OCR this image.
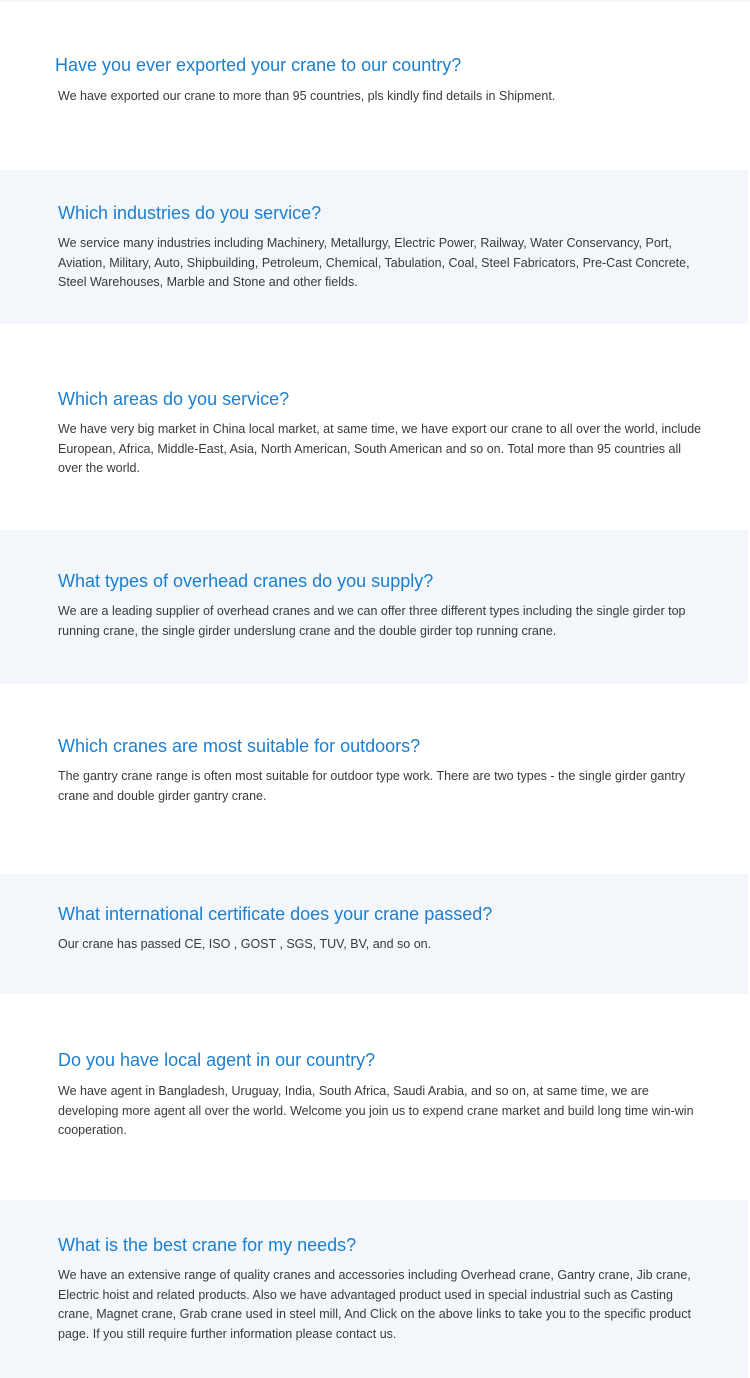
Have you ever exported your crane to our country?

We have exported our crane to more than 95 countries, pls kindly find details in Shipment.

Which industries do you service?

We service many industries including Machinery, Metallurgy, Electric Power, Railway, Water Conservancy, Port, Aviation, Military, Auto, Shipbuilding, Petroleum, Chemical, Tabulation, Coal, Steel Fabricators, Pre-Cast Concrete, Steel Warehouses, Marble and Stone and other fields.

Which areas do you service?

We have very big market in China local market, at same time, we have export our crane to all over the world, include European, Africa, Middle-East, Asia, North American, South American and so on. Total more than 95 countries all over the world.

What types of overhead cranes do you supply?

We are a leading supplier of overhead cranes and we can offer three different types including the single girder top running crane, the single girder underslung crane and the double girder top running crane.

Which cranes are most suitable for outdoors?

The gantry crane range is often most suitable for outdoor type work. There are two types - the single girder gantry crane and double girder gantry crane.

What international certificate does your crane passed?

Our crane has passed CE, ISO , GOST , SGS, TUV, BV, and so on.

Do you have local agent in our country?

We have agent in Bangladesh, Uruguay, India, South Africa, Saudi Arabia, and so on, at same time, we are developing more agent all over the world. Welcome you join us to expend crane market and build long time win-win cooperation.

What is the best crane for my needs?

We have an extensive range of quality cranes and accessories including Overhead crane, Gantry crane, Jib crane, Electric hoist and related products. Also we have advantaged product used in special industrial such as Casting crane, Magnet crane, Grab crane used in steel mill, And Click on the above links to take you to the specific product page. If you still require further information please contact us.
